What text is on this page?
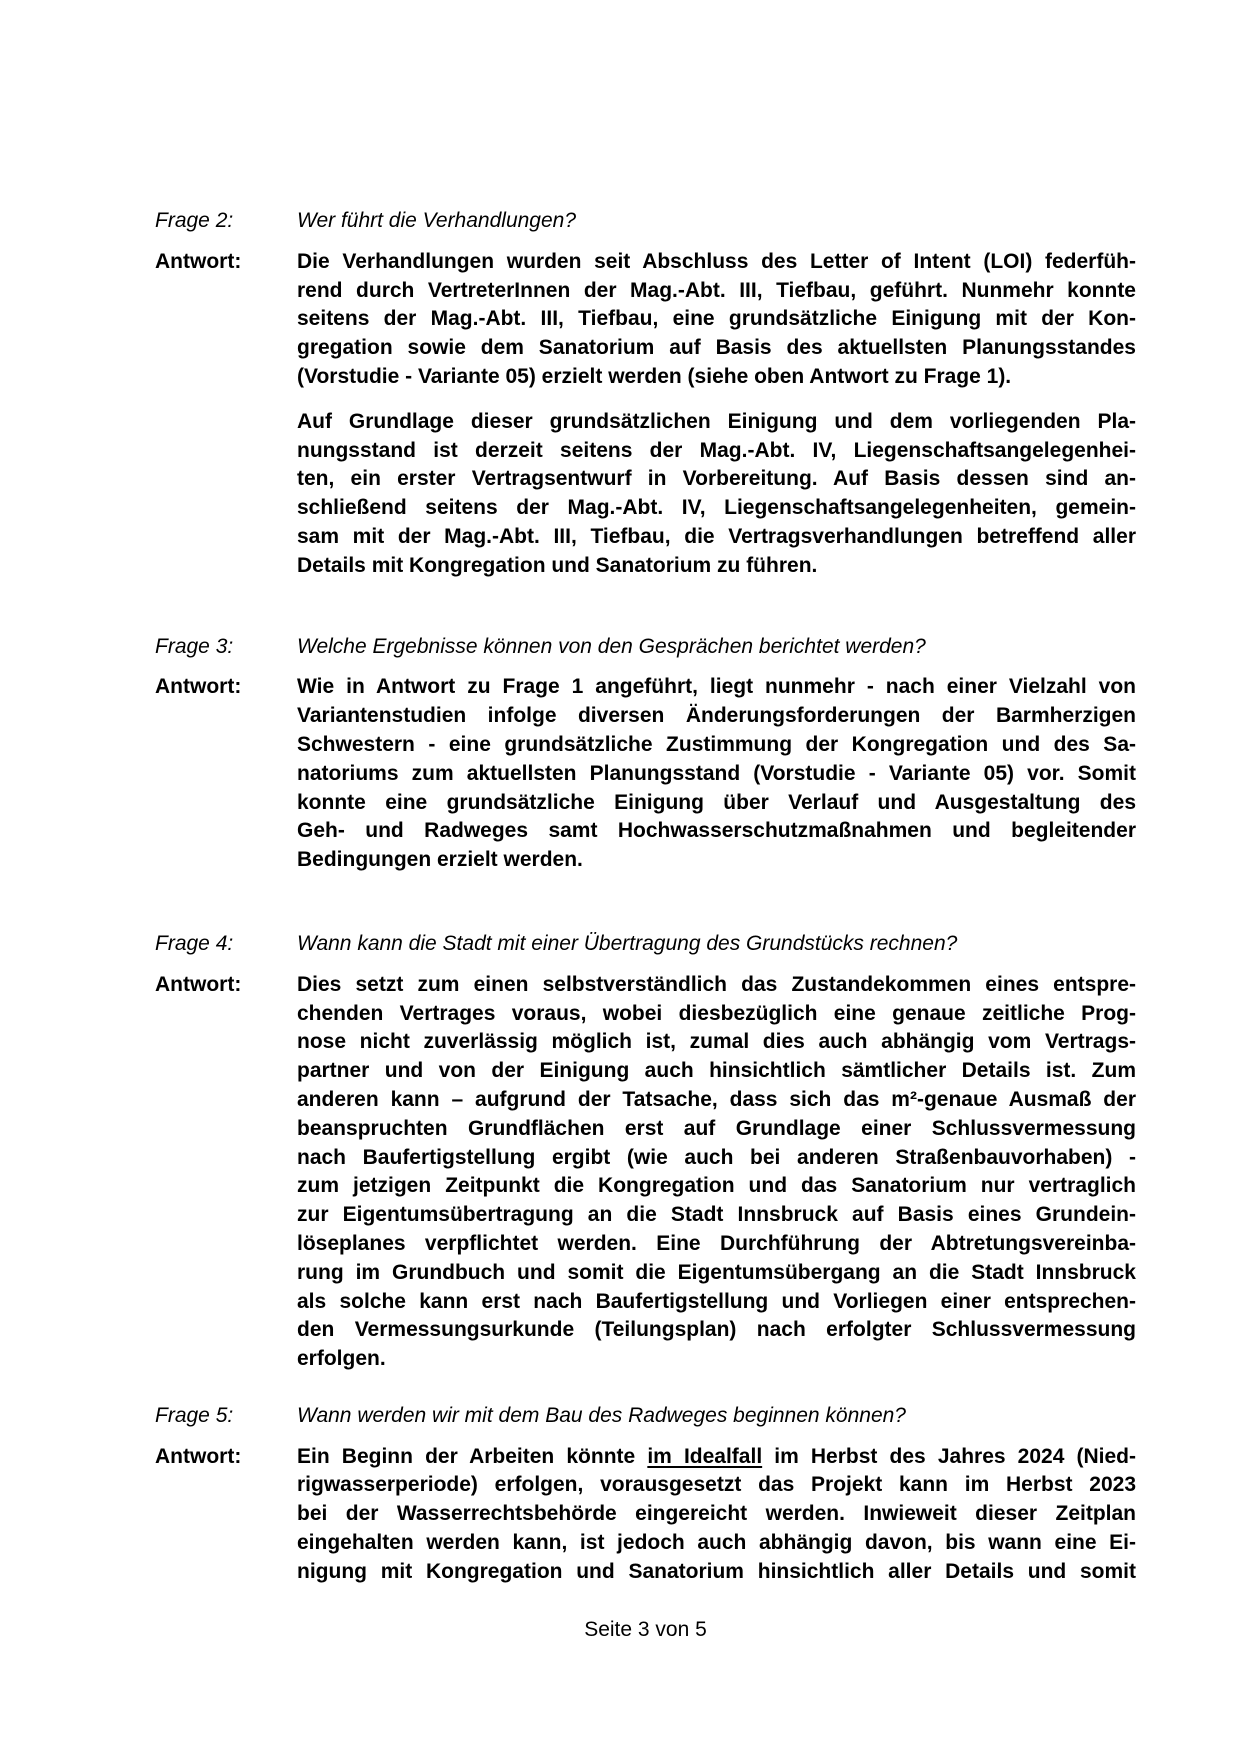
Frage 2:	Wer führt die Verhandlungen?
Antwort:	Die Verhandlungen wurden seit Abschluss des Letter of Intent (LOI) federfüh-
rend durch VertreterInnen der Mag.-Abt. III, Tiefbau, geführt. Nunmehr konnte
seitens der Mag.-Abt. III, Tiefbau, eine grundsätzliche Einigung mit der Kon-
gregation sowie dem Sanatorium auf Basis des aktuellsten Planungsstandes
(Vorstudie - Variante 05) erzielt werden (siehe oben Antwort zu Frage 1).

Auf Grundlage dieser grundsätzlichen Einigung und dem vorliegenden Pla-
nungsstand ist derzeit seitens der Mag.-Abt. IV, Liegenschaftsangelegenhei-
ten, ein erster Vertragsentwurf in Vorbereitung. Auf Basis dessen sind an-
schließend seitens der Mag.-Abt. IV, Liegenschaftsangelegenheiten, gemein-
sam mit der Mag.-Abt. III, Tiefbau, die Vertragsverhandlungen betreffend aller
Details mit Kongregation und Sanatorium zu führen.

Frage 3:	Welche Ergebnisse können von den Gesprächen berichtet werden?
Antwort:	Wie in Antwort zu Frage 1 angeführt, liegt nunmehr - nach einer Vielzahl von
Variantenstudien infolge diversen Änderungsforderungen der Barmherzigen
Schwestern - eine grundsätzliche Zustimmung der Kongregation und des Sa-
natoriums zum aktuellsten Planungsstand (Vorstudie - Variante 05) vor. Somit
konnte eine grundsätzliche Einigung über Verlauf und Ausgestaltung des
Geh- und Radweges samt Hochwasserschutzmaßnahmen und begleitender
Bedingungen erzielt werden.

Frage 4:	Wann kann die Stadt mit einer Übertragung des Grundstücks rechnen?
Antwort:	Dies setzt zum einen selbstverständlich das Zustandekommen eines entspre-
chenden Vertrages voraus, wobei diesbezüglich eine genaue zeitliche Prog-
nose nicht zuverlässig möglich ist, zumal dies auch abhängig vom Vertrags-
partner und von der Einigung auch hinsichtlich sämtlicher Details ist. Zum
anderen kann – aufgrund der Tatsache, dass sich das m²-genaue Ausmaß der
beanspruchten Grundflächen erst auf Grundlage einer Schlussvermessung
nach Baufertigstellung ergibt (wie auch bei anderen Straßenbauvorhaben) -
zum jetzigen Zeitpunkt die Kongregation und das Sanatorium nur vertraglich
zur Eigentumsübertragung an die Stadt Innsbruck auf Basis eines Grundein-
löseplanes verpflichtet werden. Eine Durchführung der Abtretungsvereinba-
rung im Grundbuch und somit die Eigentumsübergang an die Stadt Innsbruck
als solche kann erst nach Baufertigstellung und Vorliegen einer entsprechen-
den Vermessungsurkunde (Teilungsplan) nach erfolgter Schlussvermessung
erfolgen.

Frage 5:	Wann werden wir mit dem Bau des Radweges beginnen können?
Antwort:	Ein Beginn der Arbeiten könnte im Idealfall im Herbst des Jahres 2024 (Nied-
rigwasserperiode) erfolgen, vorausgesetzt das Projekt kann im Herbst 2023
bei der Wasserrechtsbehörde eingereicht werden. Inwieweit dieser Zeitplan
eingehalten werden kann, ist jedoch auch abhängig davon, bis wann eine Ei-
nigung mit Kongregation und Sanatorium hinsichtlich aller Details und somit

Seite 3 von 5
